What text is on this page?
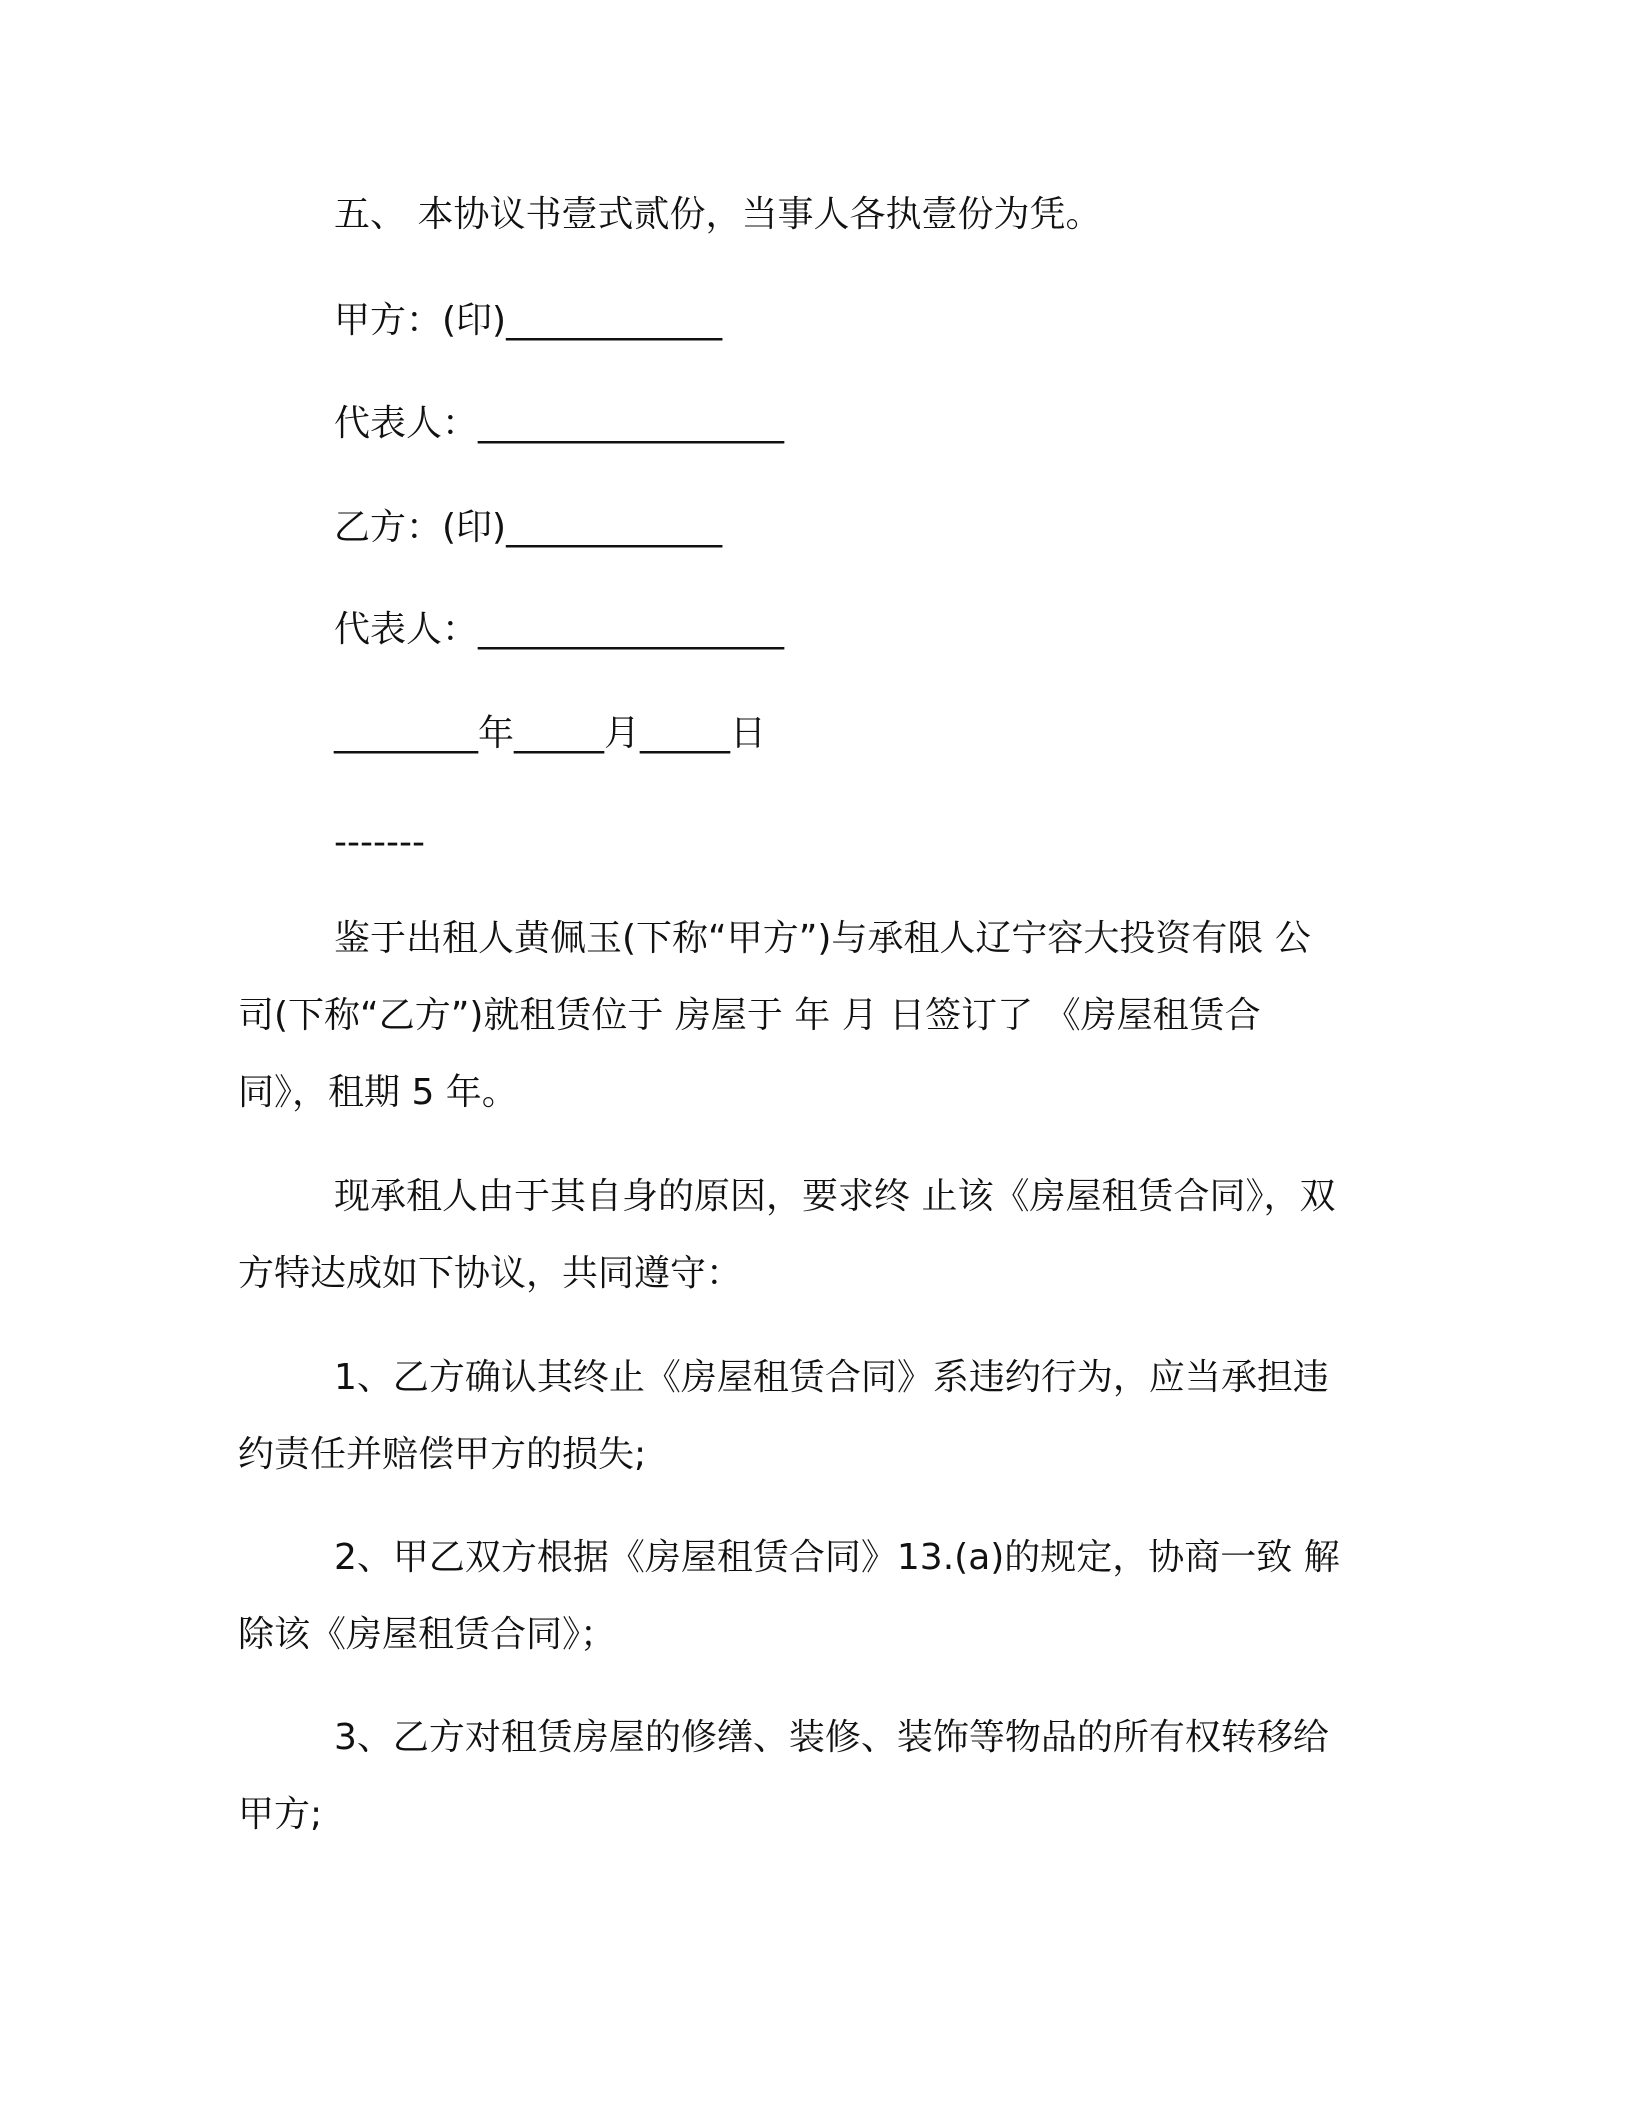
五、 本协议书壹式贰份，当事人各执壹份为凭。
甲方：(印)____________
代表人：_________________
乙方：(印)____________
代表人：_________________
________年_____月_____日
-------
鉴于出租人黄佩玉(下称“甲方”)与承租人辽宁容大投资有限 公
司(下称“乙方”)就租赁位于 房屋于 年 月 日签订了 《房屋租赁合
同》，租期 5 年。
现承租人由于其自身的原因，要求终 止该《房屋租赁合同》，双
方特达成如下协议，共同遵守：
1、乙方确认其终止《房屋租赁合同》系违约行为，应当承担违
约责任并赔偿甲方的损失;
2、甲乙双方根据《房屋租赁合同》13.(a)的规定，协商一致 解
除该《房屋租赁合同》；
3、乙方对租赁房屋的修缮、装修、装饰等物品的所有权转移给
甲方;
